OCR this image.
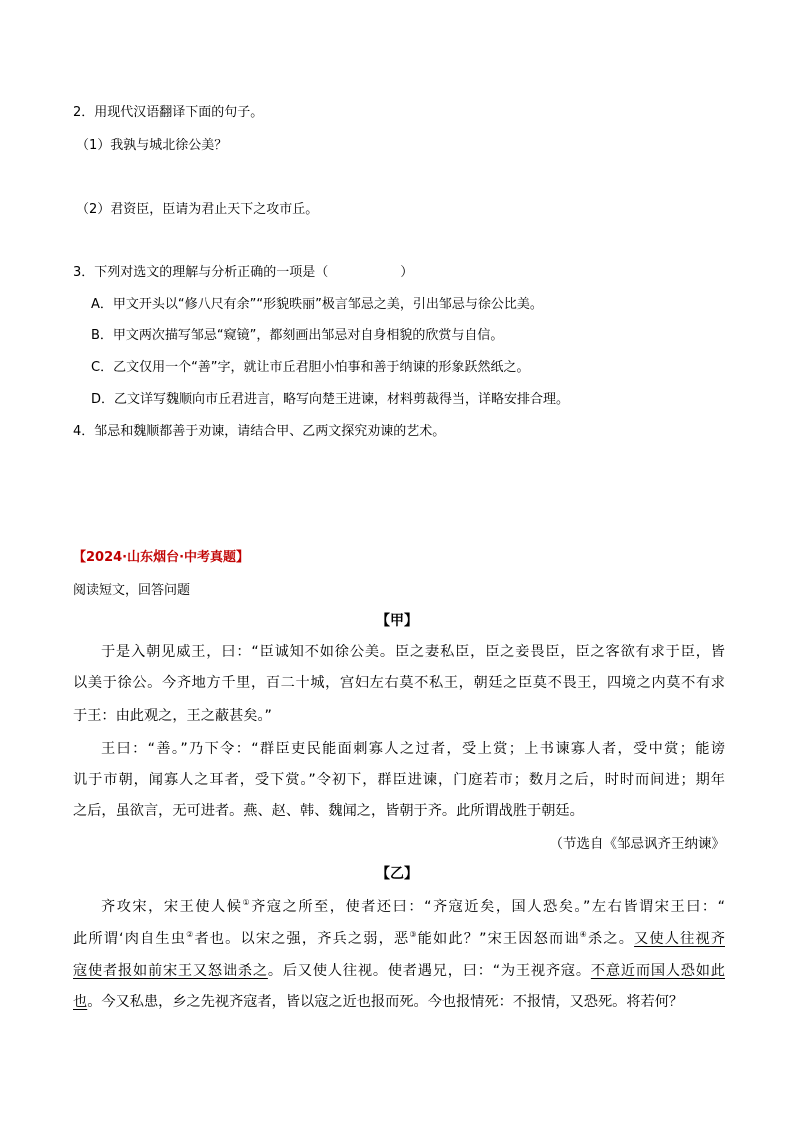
2．用现代汉语翻译下面的句子。
（1）我孰与城北徐公美？
（2）君资臣，臣请为君止天下之攻市丘。
3．下列对选文的理解与分析正确的一项是（	）
A．甲文开头以“修八尺有余”“形貌昳丽”极言邹忌之美，引出邹忌与徐公比美。
B．甲文两次描写邹忌“窥镜”，都刻画出邹忌对自身相貌的欣赏与自信。
C．乙文仅用一个“善”字，就让市丘君胆小怕事和善于纳谏的形象跃然纸之。
D．乙文详写魏顺向市丘君进言，略写向楚王进谏，材料剪裁得当，详略安排合理。
4．邹忌和魏顺都善于劝谏，请结合甲、乙两文探究劝谏的艺术。
【2024·山东烟台·中考真题】
阅读短文，回答问题
【甲】
于是入朝见威王，曰：“臣诚知不如徐公美。臣之妻私臣，臣之妾畏臣，臣之客欲有求于臣，皆
以美于徐公。今齐地方千里，百二十城，宫妇左右莫不私王，朝廷之臣莫不畏王，四境之内莫不有求
于王：由此观之，王之蔽甚矣。”
王曰：“善。”乃下令：“群臣吏民能面刺寡人之过者，受上赏；上书谏寡人者，受中赏；能谤
讥于市朝，闻寡人之耳者，受下赏。”令初下，群臣进谏，门庭若市；数月之后，时时而间进；期年
之后，虽欲言，无可进者。燕、赵、韩、魏闻之，皆朝于齐。此所谓战胜于朝廷。
（节选自《邹忌讽齐王纳谏》
【乙】
齐攻宋，宋王使人候①齐寇之所至，使者还曰：“齐寇近矣，国人恐矣。”左右皆谓宋王曰：“
此所谓‘肉自生虫②者也。以宋之强，齐兵之弱，恶③能如此？”宋王因怒而诎④杀之。又使人往视齐
寇使者报如前宋王又怒诎杀之。后又使人往视。使者遇兄，曰：“为王视齐寇。不意近而国人恐如此
也。今又私患，乡之先视齐寇者，皆以寇之近也报而死。今也报情死：不报情，又恐死。将若何？
